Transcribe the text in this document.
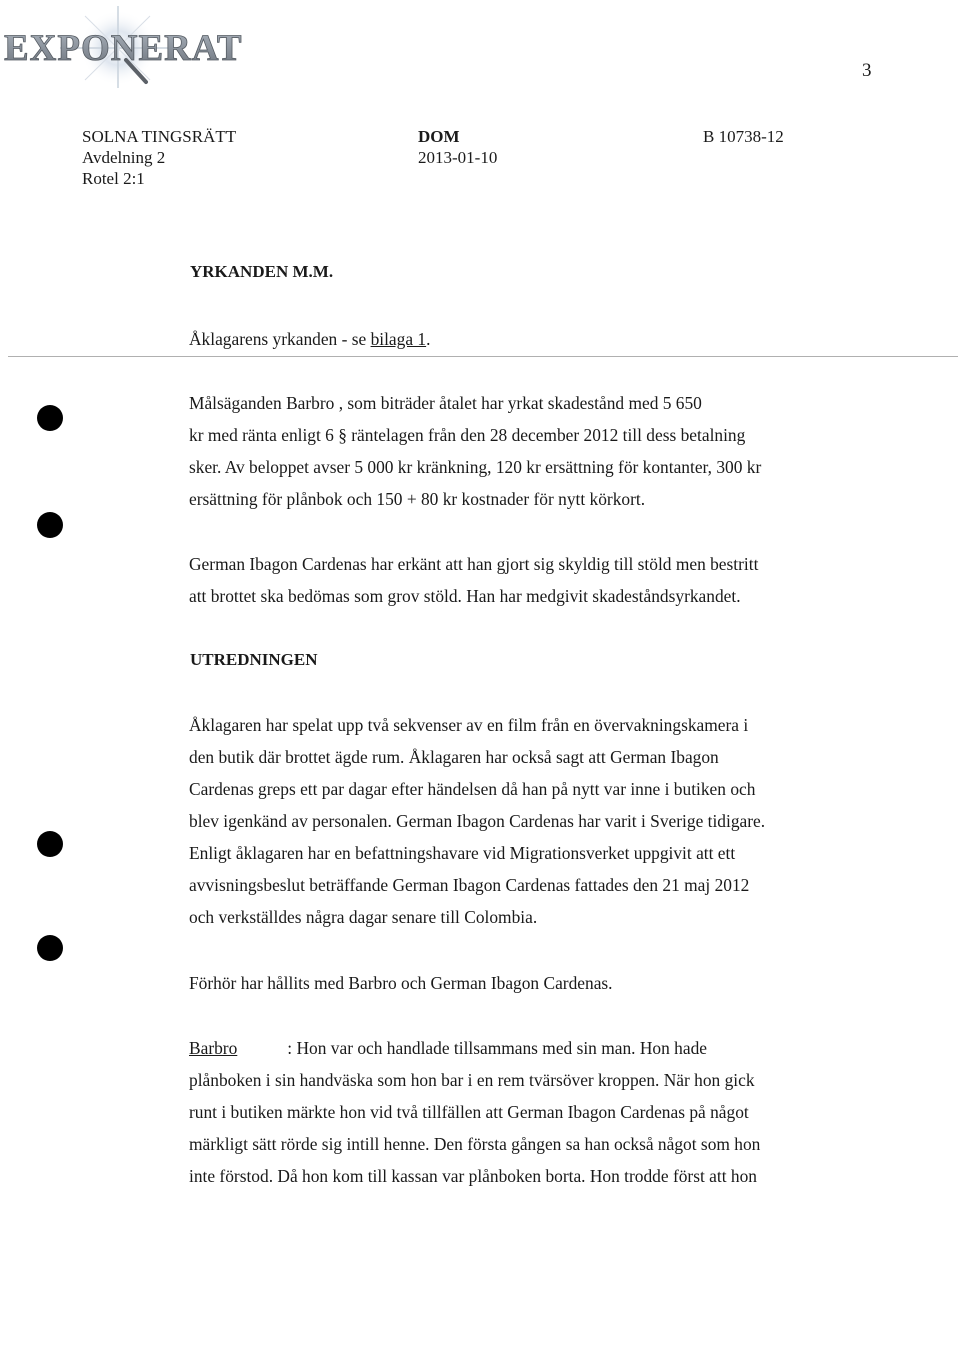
EXPONERAT
3
SOLNA TINGSRÄTT
Avdelning 2
Rotel 2:1
DOM
2013-01-10
B 10738-12
YRKANDEN M.M.
Åklagarens yrkanden - se bilaga 1.
Målsäganden Barbro , som biträder åtalet har yrkat skadestånd med 5 650
kr med ränta enligt 6 § räntelagen från den 28 december 2012 till dess betalning
sker. Av beloppet avser 5 000 kr kränkning, 120 kr ersättning för kontanter, 300 kr
ersättning för plånbok och 150 + 80 kr kostnader för nytt körkort.
German Ibagon Cardenas har erkänt att han gjort sig skyldig till stöld men bestritt
att brottet ska bedömas som grov stöld. Han har medgivit skadeståndsyrkandet.
UTREDNINGEN
Åklagaren har spelat upp två sekvenser av en film från en övervakningskamera i
den butik där brottet ägde rum. Åklagaren har också sagt att German Ibagon
Cardenas greps ett par dagar efter händelsen då han på nytt var inne i butiken och
blev igenkänd av personalen. German Ibagon Cardenas har varit i Sverige tidigare.
Enligt åklagaren har en befattningshavare vid Migrationsverket uppgivit att ett
avvisningsbeslut beträffande German Ibagon Cardenas fattades den 21 maj 2012
och verkställdes några dagar senare till Colombia.
Förhör har hållits med Barbro och German Ibagon Cardenas.
Barbro	: Hon var och handlade tillsammans med sin man. Hon hade
plånboken i sin handväska som hon bar i en rem tvärsöver kroppen. När hon gick
runt i butiken märkte hon vid två tillfällen att German Ibagon Cardenas på något
märkligt sätt rörde sig intill henne. Den första gången sa han också något som hon
inte förstod. Då hon kom till kassan var plånboken borta. Hon trodde först att hon
